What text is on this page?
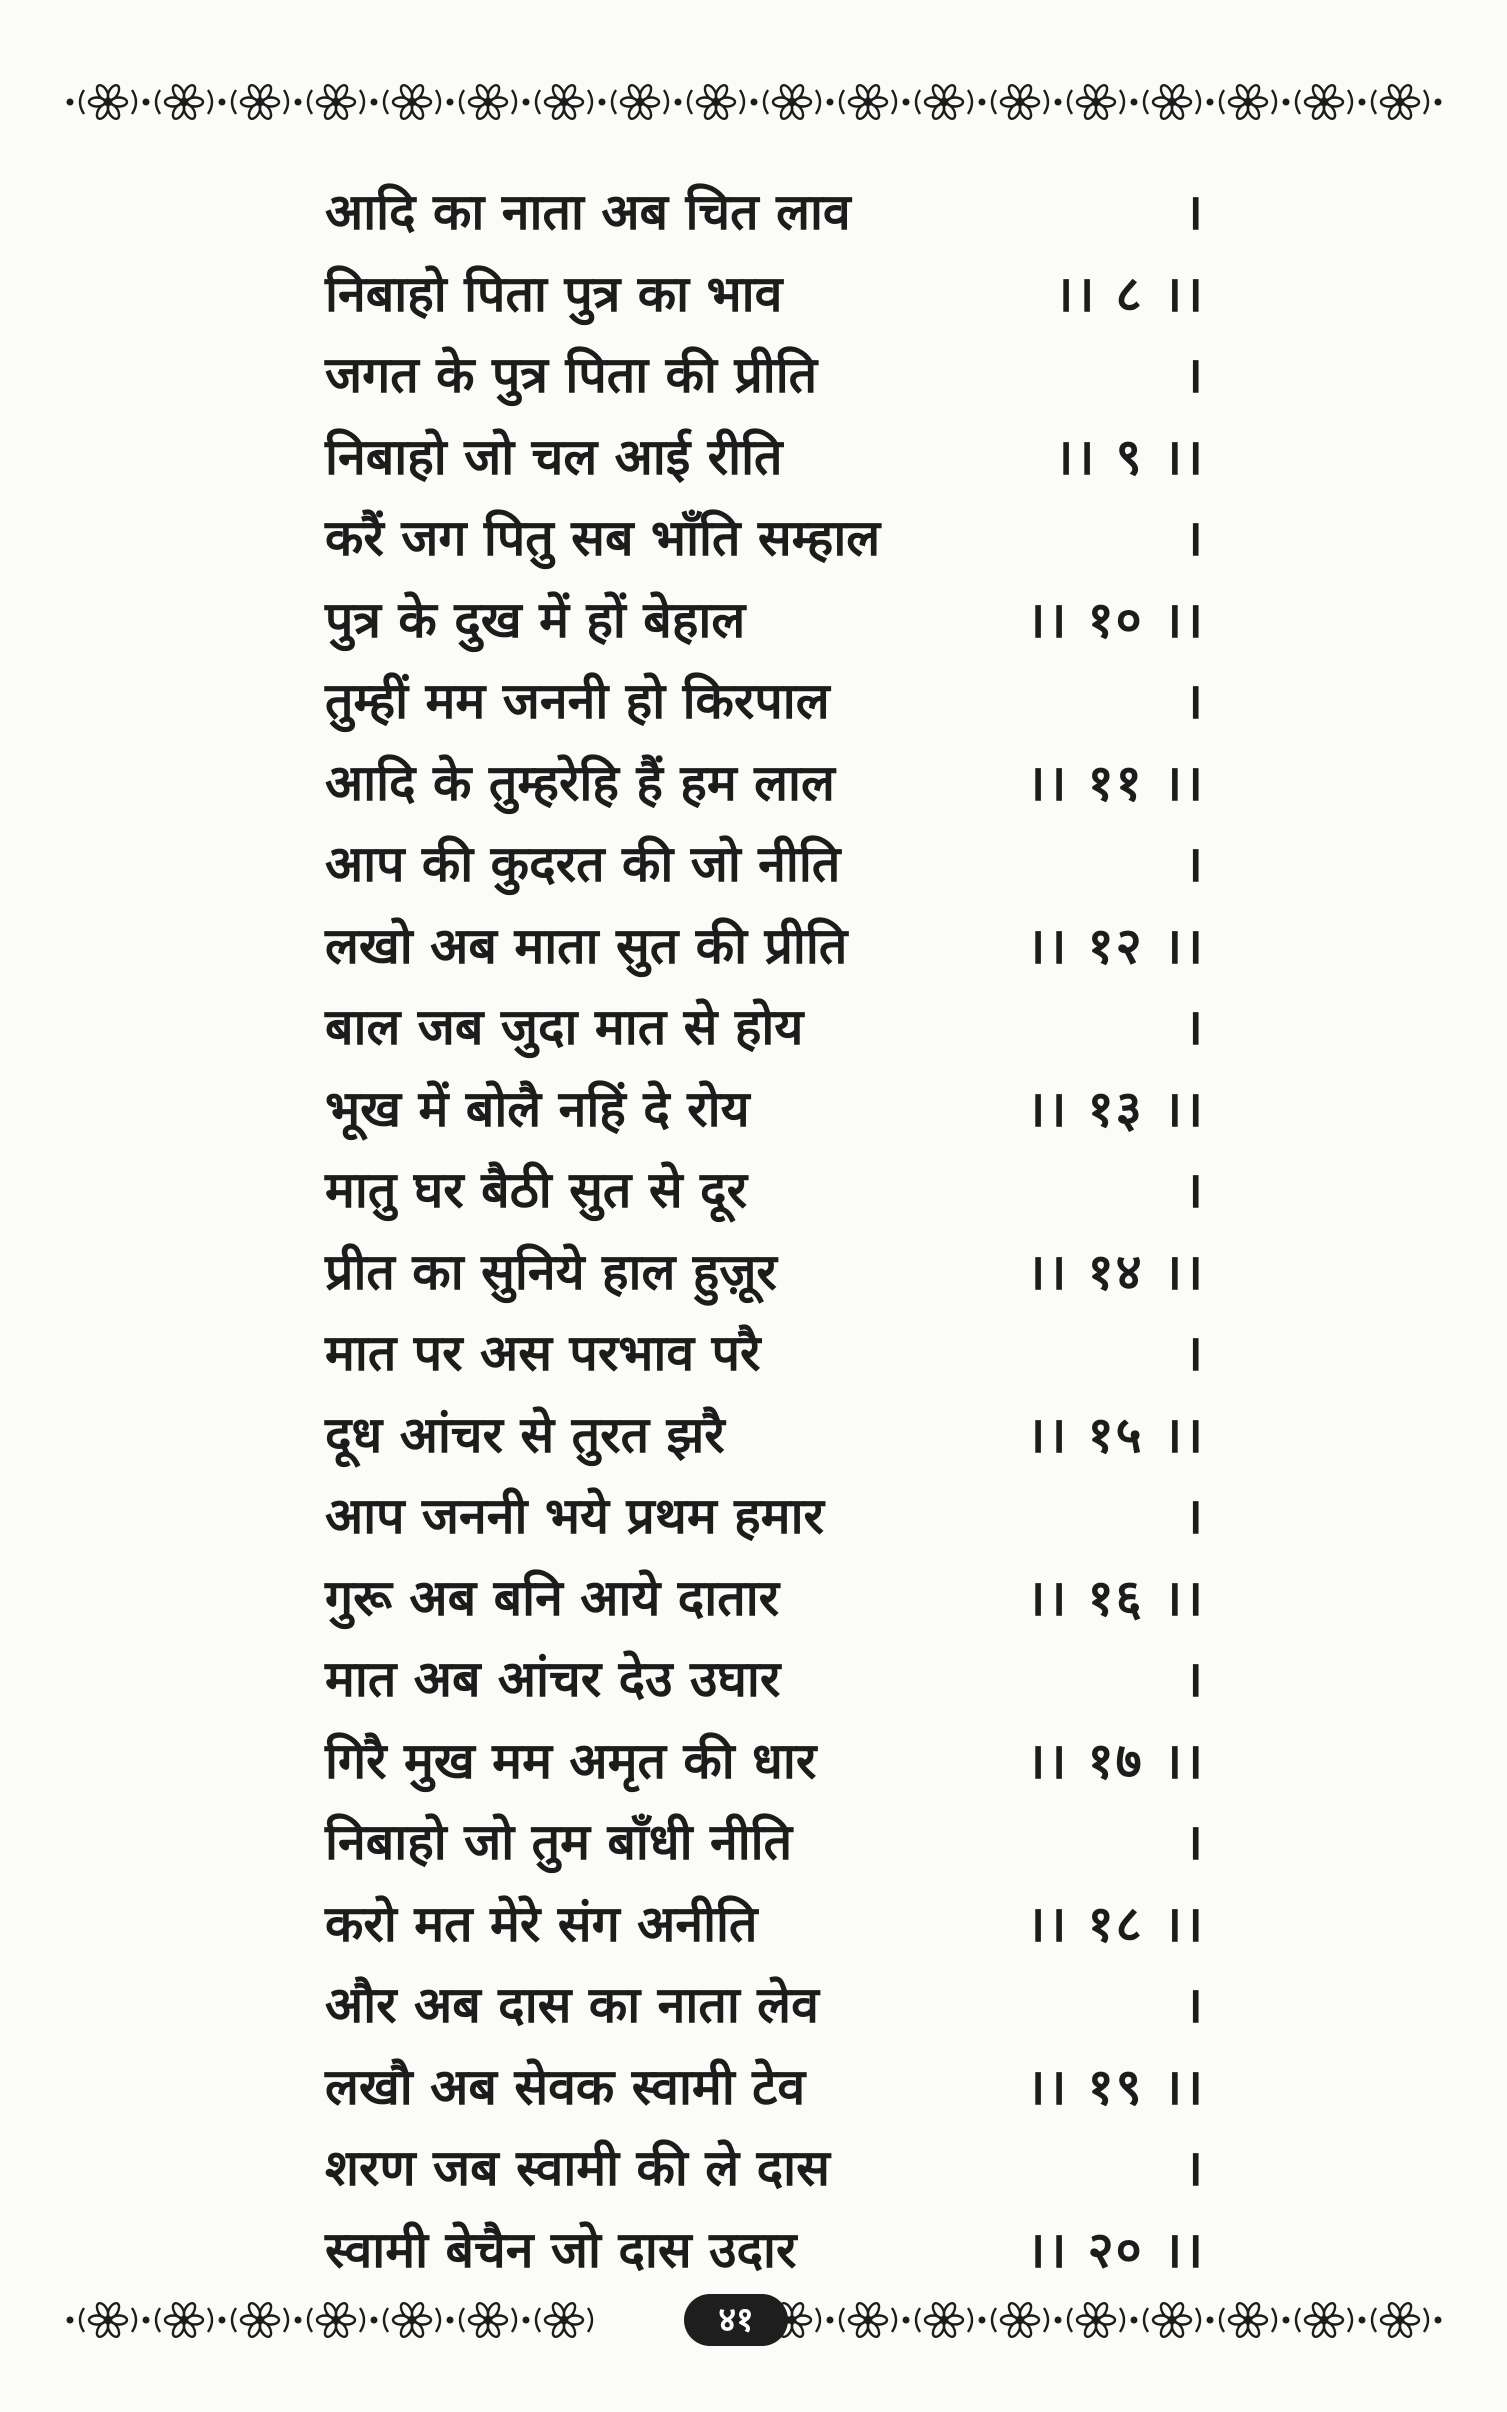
आदि का नाता अब चित लाव	।
निबाहो पिता पुत्र का भाव	।। ८ ।।
जगत के पुत्र पिता की प्रीति	।
निबाहो जो चल आई रीति	।। ९ ।।
करैं जग पितु सब भाँति सम्हाल	।
पुत्र के दुख में हों बेहाल	।। १० ।।
तुम्हीं मम जननी हो किरपाल	।
आदि के तुम्हरेहि हैं हम लाल	।। ११ ।।
आप की कुदरत की जो नीति	।
लखो अब माता सुत की प्रीति	।। १२ ।।
बाल जब जुदा मात से होय	।
भूख में बोलै नहिं दे रोय	।। १३ ।।
मातु घर बैठी सुत से दूर	।
प्रीत का सुनिये हाल हुज़ूर	।। १४ ।।
मात पर अस परभाव परै	।
दूध आंचर से तुरत झरै	।। १५ ।।
आप जननी भये प्रथम हमार	।
गुरू अब बनि आये दातार	।। १६ ।।
मात अब आंचर देउ उघार	।
गिरै मुख मम अमृत की धार	।। १७ ।।
निबाहो जो तुम बाँधी नीति	।
करो मत मेरे संग अनीति	।। १८ ।।
और अब दास का नाता लेव	।
लखौ अब सेवक स्वामी टेव	।। १९ ।।
शरण जब स्वामी की ले दास	।
स्वामी बेचैन जो दास उदार	।। २० ।।
४१
